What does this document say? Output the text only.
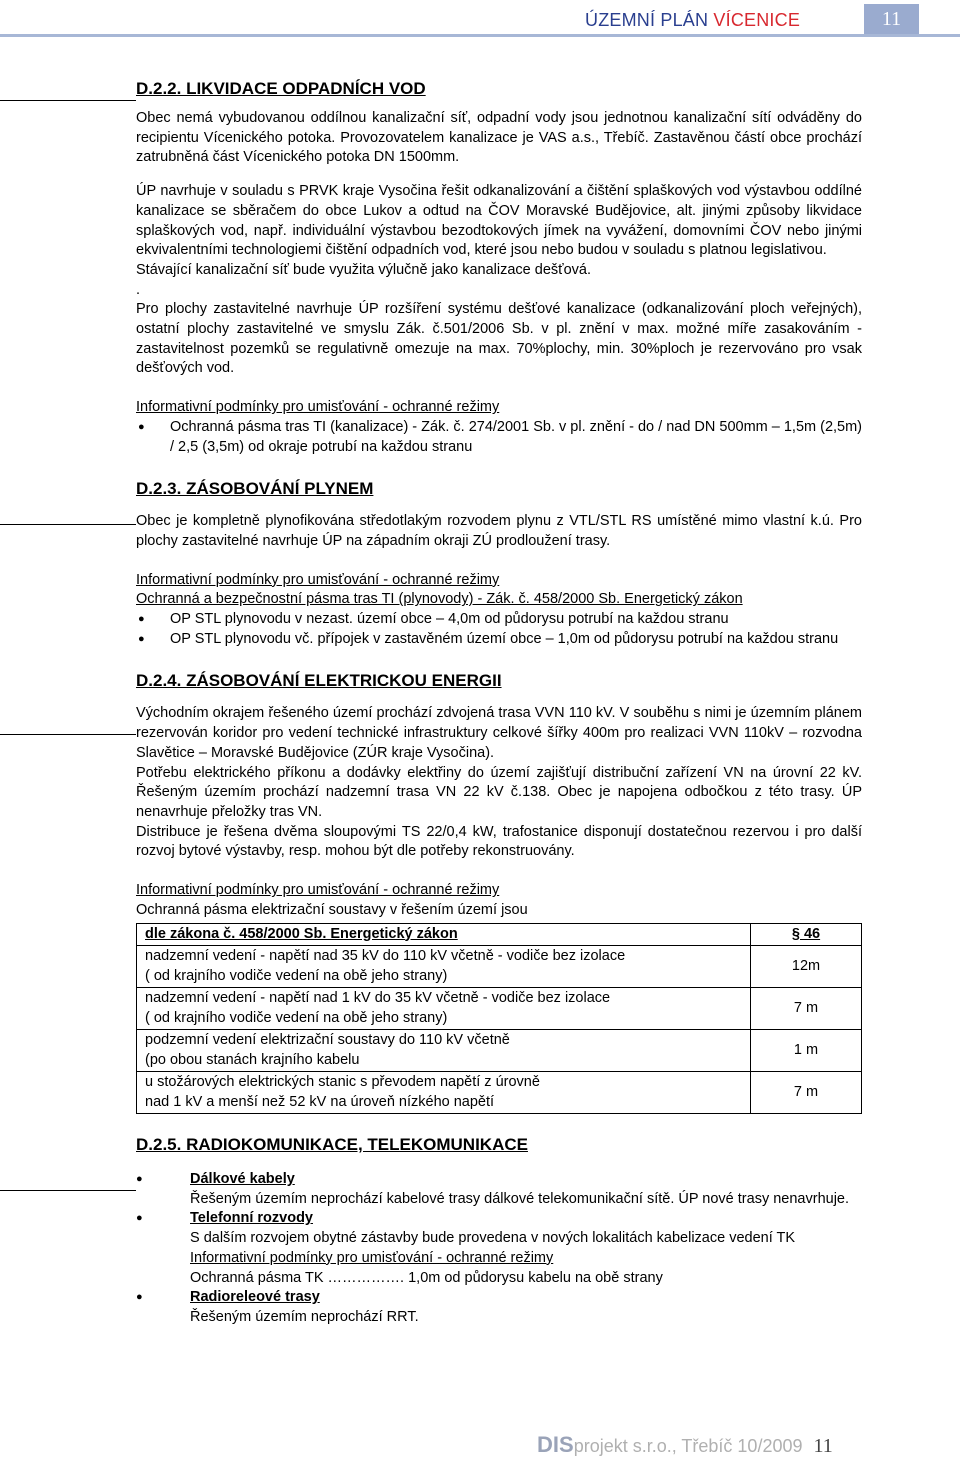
ÚZEMNÍ PLÁN VÍCENICE	11
D.2.2. LIKVIDACE ODPADNÍCH VOD

Obec nemá vybudovanou oddílnou kanalizační síť, odpadní vody jsou jednotnou kanalizační sítí odváděny do recipientu Vícenického potoka. Provozovatelem kanalizace je VAS a.s., Třebíč. Zastavěnou částí obce prochází zatrubněná část Vícenického potoka DN 1500mm.

ÚP navrhuje v souladu s PRVK kraje Vysočina řešit odkanalizování a čištění splaškových vod výstavbou oddílné kanalizace se sběračem do obce Lukov a odtud na ČOV Moravské Budějovice, alt. jinými způsoby likvidace splaškových vod, např. individuální výstavbou bezodtokových jímek na vyvážení, domovními ČOV nebo jinými ekvivalentními technologiemi čištění odpadních vod, které jsou nebo budou v souladu s platnou legislativou.

Stávající kanalizační síť bude využita výlučně jako kanalizace dešťová.

.

Pro plochy zastavitelné navrhuje ÚP rozšíření systému dešťové kanalizace (odkanalizování ploch veřejných), ostatní plochy zastavitelné ve smyslu Zák. č.501/2006 Sb. v pl. znění v max. možné míře zasakováním - zastavitelnost pozemků se regulativně omezuje na max. 70%plochy, min. 30%ploch je rezervováno pro vsak dešťových vod.

Informativní podmínky pro umisťování - ochranné režimy
● Ochranná pásma tras TI (kanalizace) - Zák. č. 274/2001 Sb. v pl. znění - do / nad DN 500mm – 1,5m (2,5m) / 2,5 (3,5m) od okraje potrubí na každou stranu
D.2.3. ZÁSOBOVÁNÍ PLYNEM

Obec je kompletně plynofikována středotlakým rozvodem plynu z VTL/STL RS umístěné mimo vlastní k.ú. Pro plochy zastavitelné navrhuje ÚP na západním okraji ZÚ prodloužení trasy.

Informativní podmínky pro umisťování - ochranné režimy
Ochranná a bezpečnostní pásma tras TI (plynovody) - Zák. č. 458/2000 Sb. Energetický zákon
● OP STL plynovodu v nezast. území obce – 4,0m od půdorysu potrubí na každou stranu
● OP STL plynovodu vč. přípojek v zastavěném území obce – 1,0m od půdorysu potrubí na každou stranu
D.2.4. ZÁSOBOVÁNÍ ELEKTRICKOU ENERGII

Východním okrajem řešeného území prochází zdvojená trasa VVN 110 kV. V souběhu s nimi je územním plánem rezervován koridor pro vedení technické infrastruktury celkové šířky 400m pro realizaci VVN 110kV – rozvodna Slavětice – Moravské Budějovice (ZÚR kraje Vysočina).

Potřebu elektrického příkonu a dodávky elektřiny do území zajišťují distribuční zařízení VN na úrovní 22 kV. Řešeným územím prochází nadzemní trasa VN 22 kV č.138. Obec je napojena odbočkou z této trasy. ÚP nenavrhuje přeložky tras VN.

Distribuce je řešena dvěma sloupovými TS 22/0,4 kW, trafostanice disponují dostatečnou rezervou i pro další rozvoj bytové výstavby, resp. mohou být dle potřeby rekonstruovány.

Informativní podmínky pro umisťování - ochranné režimy
Ochranná pásma elektrizační soustavy v řešením území jsou
dle zákona č. 458/2000 Sb. Energetický zákon	§ 46

nadzemní vedení - napětí nad 35 kV do 110 kV včetně - vodiče bez izolace
( od krajního vodiče vedení na obě jeho strany)	12m

nadzemní vedení - napětí nad 1 kV do 35 kV včetně - vodiče bez izolace
( od krajního vodiče vedení na obě jeho strany)	7 m

podzemní vedení elektrizační soustavy do 110 kV včetně
(po obou stanách krajního kabelu	1 m

u stožárových elektrických stanic s převodem napětí z úrovně
nad 1 kV a menší než 52 kV na úroveň nízkého napětí	7 m
D.2.5. RADIOKOMUNIKACE, TELEKOMUNIKACE
● Dálkové kabely
Řešeným územím neprochází kabelové trasy dálkové telekomunikační sítě. ÚP nové trasy nenavrhuje.
● Telefonní rozvody
S dalším rozvojem obytné zástavby bude provedena v nových lokalitách kabelizace vedení TK
Informativní podmínky pro umisťování - ochranné režimy
Ochranná pásma TK ……………. 1,0m od půdorysu kabelu na obě strany
● Radioreleové trasy
Řešeným územím neprochází RRT.
DISprojekt s.r.o., Třebíč 10/2009 11
